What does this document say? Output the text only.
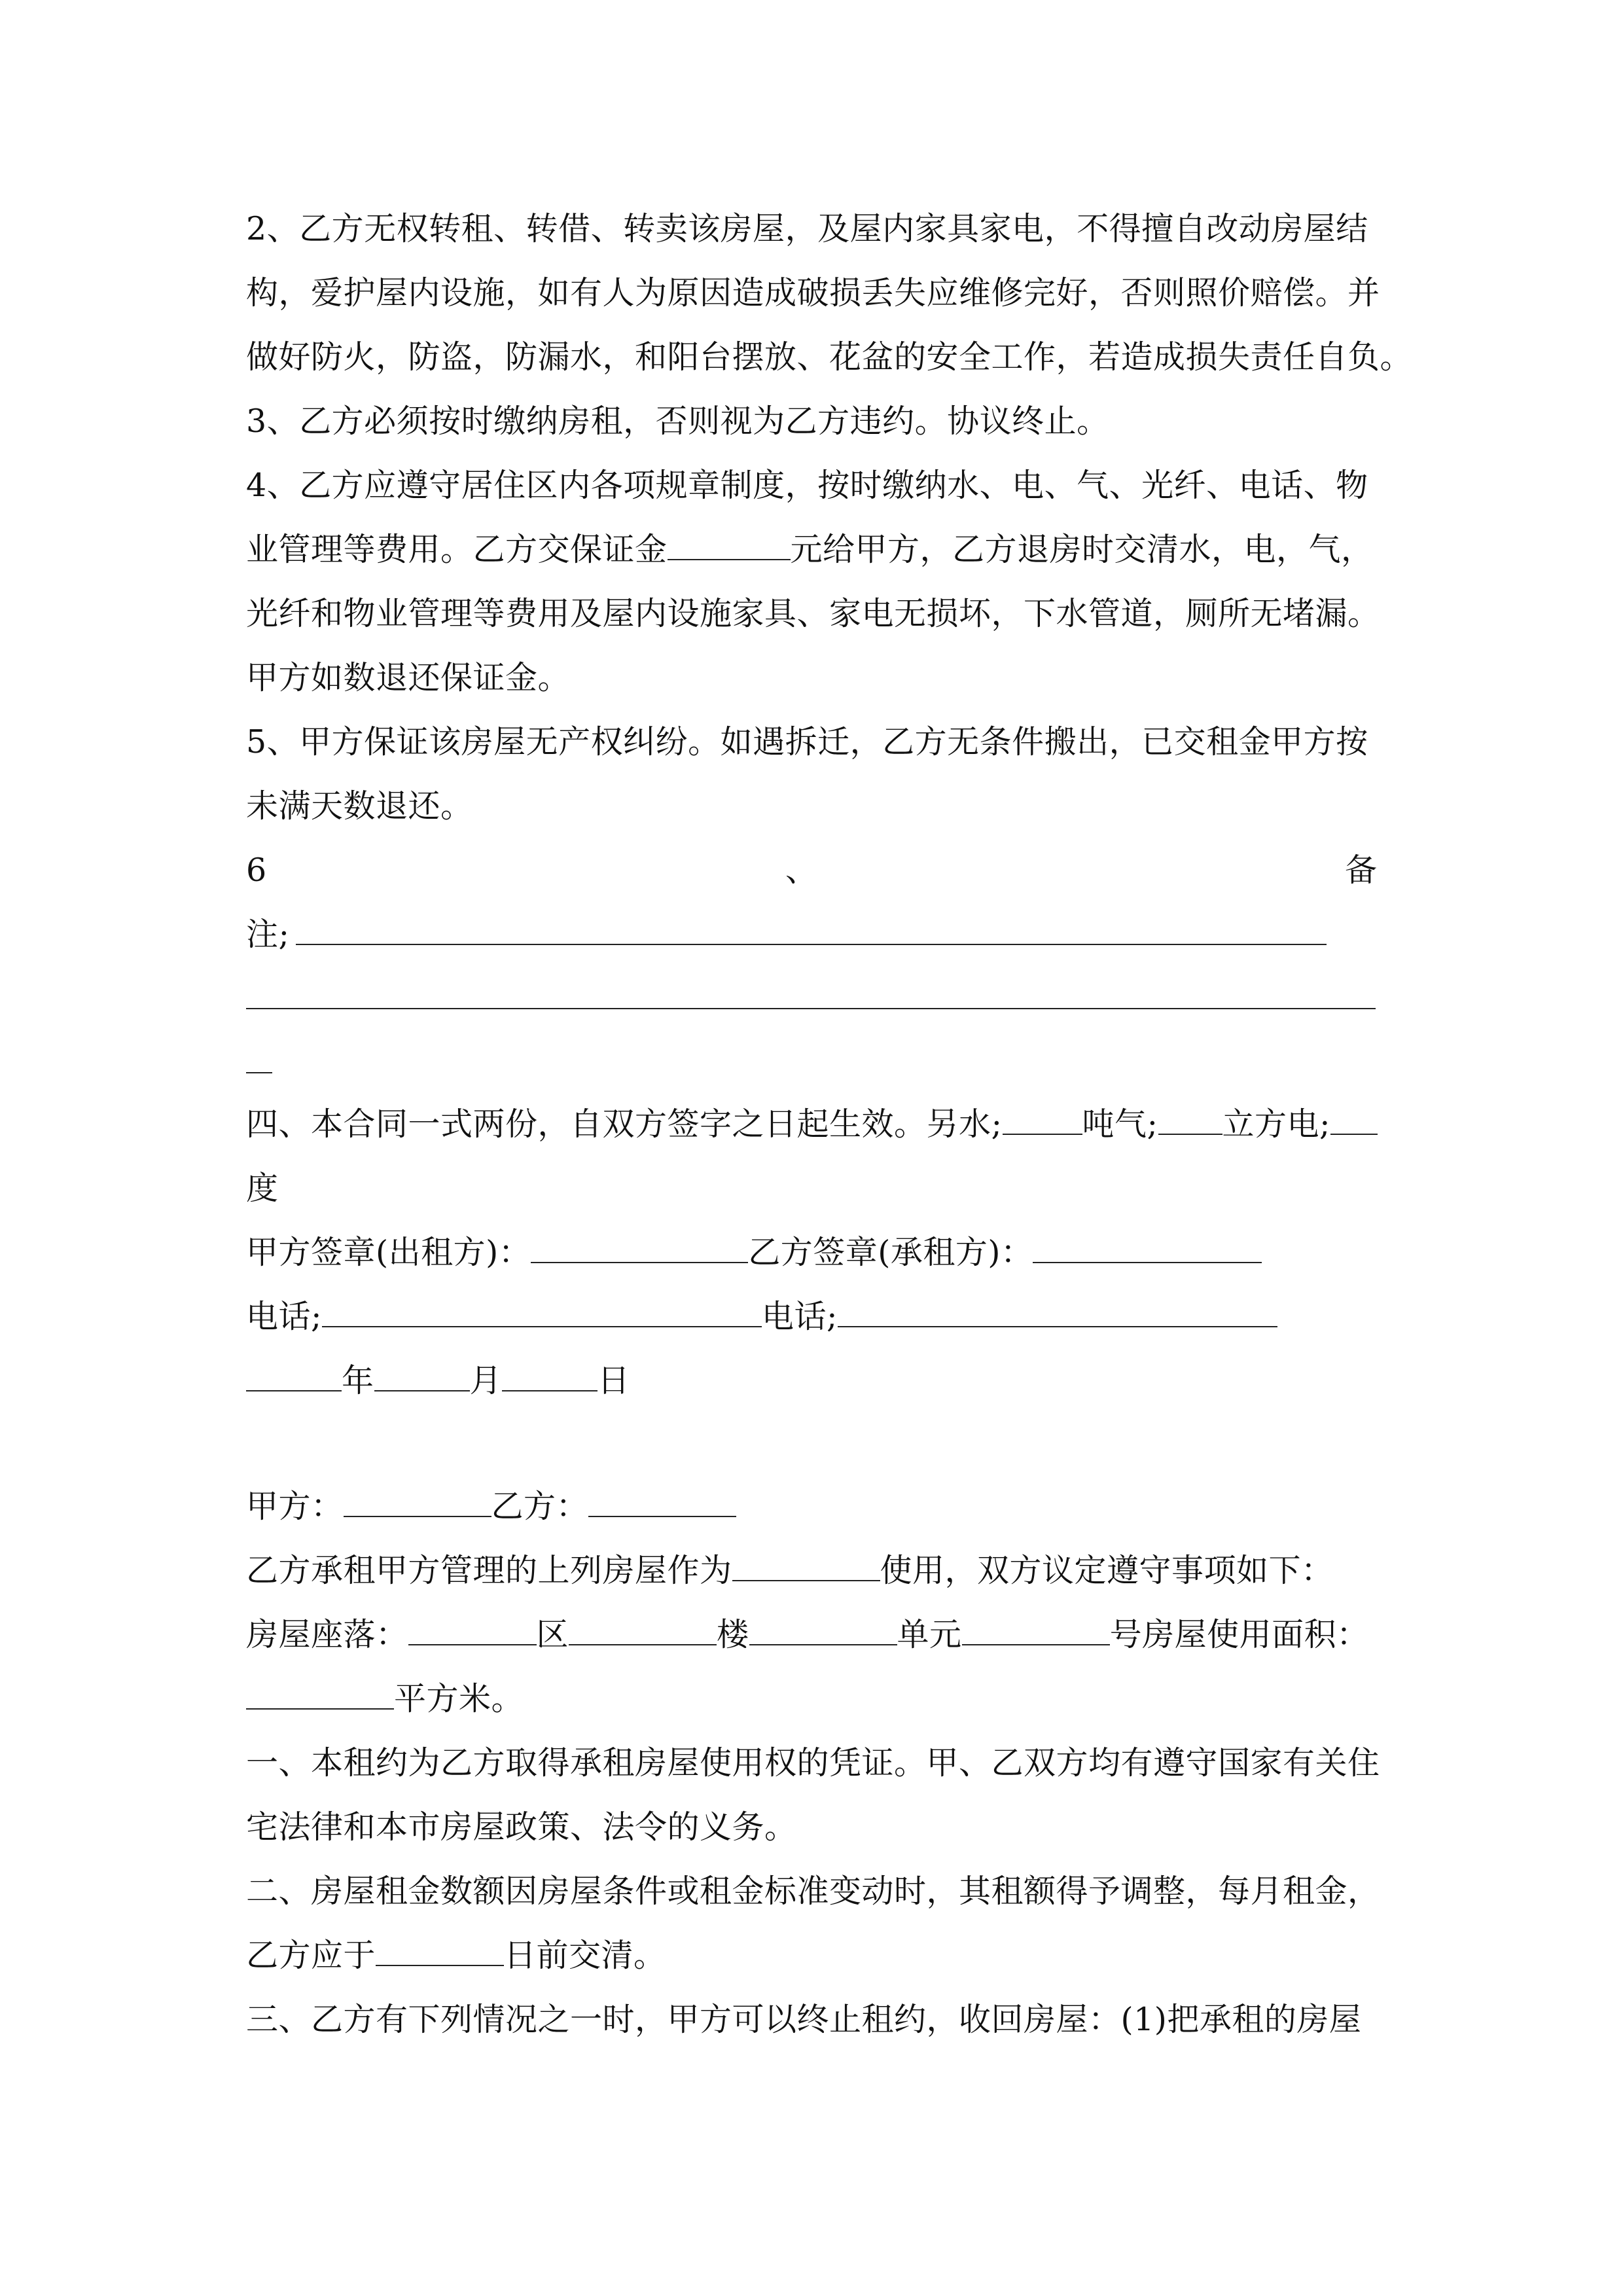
2、乙方无权转租、转借、转卖该房屋，及屋内家具家电，不得擅自改动房屋结
构，爱护屋内设施，如有人为原因造成破损丢失应维修完好，否则照价赔偿。并
做好防火，防盗，防漏水，和阳台摆放、花盆的安全工作，若造成损失责任自负。
3、乙方必须按时缴纳房租，否则视为乙方违约。协议终止。
4、乙方应遵守居住区内各项规章制度，按时缴纳水、电、气、光纤、电话、物
业管理等费用。乙方交保证金	元给甲方，乙方退房时交清水，电，气，
光纤和物业管理等费用及屋内设施家具、家电无损坏，下水管道，厕所无堵漏。
甲方如数退还保证金。
5、甲方保证该房屋无产权纠纷。如遇拆迁，乙方无条件搬出，已交租金甲方按
未满天数退还。
6	、	备
注;
四、本合同一式两份，自双方签字之日起生效。另水; 吨气; 立方电;
度
甲方签章(出租方)：	乙方签章(承租方)：
电话;	电话;
年	月	日
甲方：	乙方：
乙方承租甲方管理的上列房屋作为	使用，双方议定遵守事项如下：
房屋座落：	区	楼	单元	号房屋使用面积：
平方米。
一、本租约为乙方取得承租房屋使用权的凭证。甲、乙双方均有遵守国家有关住
宅法律和本市房屋政策、法令的义务。
二、房屋租金数额因房屋条件或租金标准变动时，其租额得予调整，每月租金，
乙方应于	日前交清。
三、乙方有下列情况之一时，甲方可以终止租约，收回房屋：(1)把承租的房屋
